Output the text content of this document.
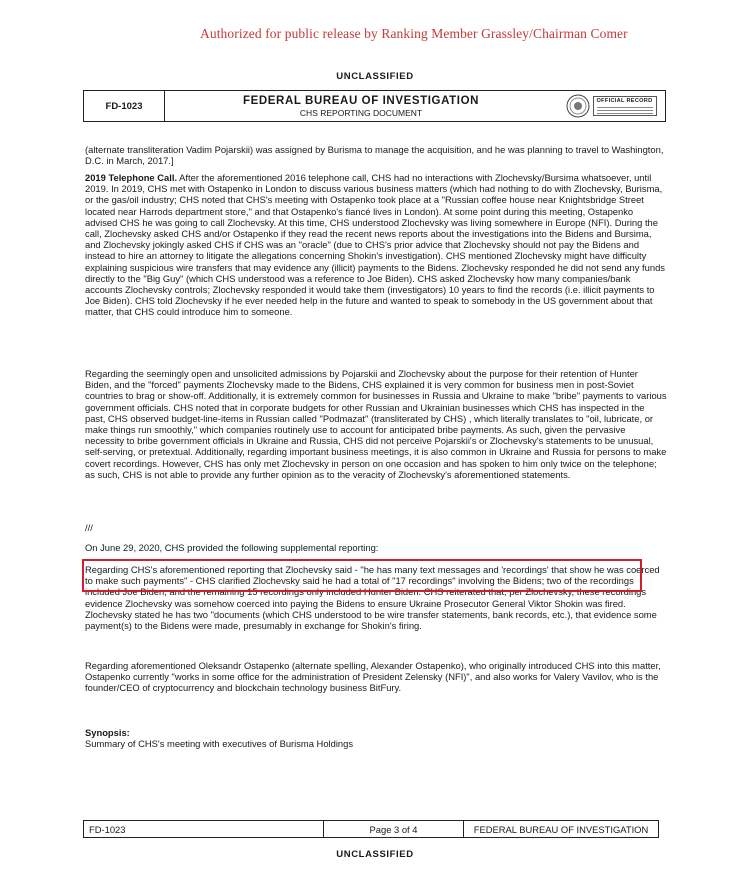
Authorized for public release by Ranking Member Grassley/Chairman Comer
UNCLASSIFIED
FD-1023	FEDERAL BUREAU OF INVESTIGATION
CHS REPORTING DOCUMENT
OFFICIAL RECORD

(alternate transliteration Vadim Pojarskii) was assigned by Burisma to manage the acquisition, and he was planning to travel to Washington, D.C. in March, 2017.]

2019 Telephone Call. After the aforementioned 2016 telephone call, CHS had no interactions with Zlochevsky/Bursima whatsoever, until 2019. In 2019, CHS met with Ostapenko in London to discuss various business matters (which had nothing to do with Zlochevsky, Burisma, or the gas/oil industry; CHS noted that CHS's meeting with Ostapenko took place at a "Russian coffee house near Knightsbridge Street located near Harrods department store," and that Ostapenko's fiancé lives in London). At some point during this meeting, Ostapenko advised CHS he was going to call Zlochevsky. At this time, CHS understood Zlochevsky was living somewhere in Europe (NFI). During the call, Zlochevsky asked CHS and/or Ostapenko if they read the recent news reports about the investigations into the Bidens and Bursima, and Zlochevsky jokingly asked CHS if CHS was an "oracle" (due to CHS's prior advice that Zlochevsky should not pay the Bidens and instead to hire an attorney to litigate the allegations concerning Shokin's investigation). CHS mentioned Zlochevsky might have difficulty explaining suspicious wire transfers that may evidence any (illicit) payments to the Bidens. Zlochevsky responded he did not send any funds directly to the "Big Guy" (which CHS understood was a reference to Joe Biden). CHS asked Zlochevsky how many companies/bank accounts Zlochevsky controls; Zlochevsky responded it would take them (investigators) 10 years to find the records (i.e. illicit payments to Joe Biden). CHS told Zlochevsky if he ever needed help in the future and wanted to speak to somebody in the US government about that matter, that CHS could introduce him to someone.

Regarding the seemingly open and unsolicited admissions by Pojarskii and Zlochevsky about the purpose for their retention of Hunter Biden, and the "forced" payments Zlochevsky made to the Bidens, CHS explained it is very common for business men in post-Soviet countries to brag or show-off. Additionally, it is extremely common for businesses in Russia and Ukraine to make "bribe" payments to various government officials. CHS noted that in corporate budgets for other Russian and Ukrainian businesses which CHS has inspected in the past, CHS observed budget-line-items in Russian called "Podmazat" (transliterated by CHS) , which literally translates to "oil, lubricate, or make things run smoothly," which companies routinely use to account for anticipated bribe payments. As such, given the pervasive necessity to bribe government officials in Ukraine and Russia, CHS did not perceive Pojarskii's or Zlochevsky's statements to be unusual, self-serving, or pretextual. Additionally, regarding important business meetings, it is also common in Ukraine and Russia for persons to make covert recordings. However, CHS has only met Zlochevsky in person on one occasion and has spoken to him only twice on the telephone; as such, CHS is not able to provide any further opinion as to the veracity of Zlochevsky's aforementioned statements.

///

On June 29, 2020, CHS provided the following supplemental reporting:

Regarding CHS's aforementioned reporting that Zlochevsky said - "he has many text messages and 'recordings' that show he was coerced to make such payments" - CHS clarified Zlochevsky said he had a total of "17 recordings" involving the Bidens; two of the recordings included Joe Biden, and the remaining 15 recordings only included Hunter Biden. CHS reiterated that, per Zlochevsky, these recordings evidence Zlochevsky was somehow coerced into paying the Bidens to ensure Ukraine Prosecutor General Viktor Shokin was fired. Zlochevsky stated he has two "documents (which CHS understood to be wire transfer statements, bank records, etc.), that evidence some payment(s) to the Bidens were made, presumably in exchange for Shokin's firing.

Regarding aforementioned Oleksandr Ostapenko (alternate spelling, Alexander Ostapenko), who originally introduced CHS into this matter, Ostapenko currently "works in some office for the administration of President Zelensky (NFI)", and also works for Valery Vavilov, who is the founder/CEO of cryptocurrency and blockchain technology business BitFury.

Synopsis:

Summary of CHS's meeting with executives of Burisma Holdings

FD-1023	Page 3 of 4	FEDERAL BUREAU OF INVESTIGATION
UNCLASSIFIED
